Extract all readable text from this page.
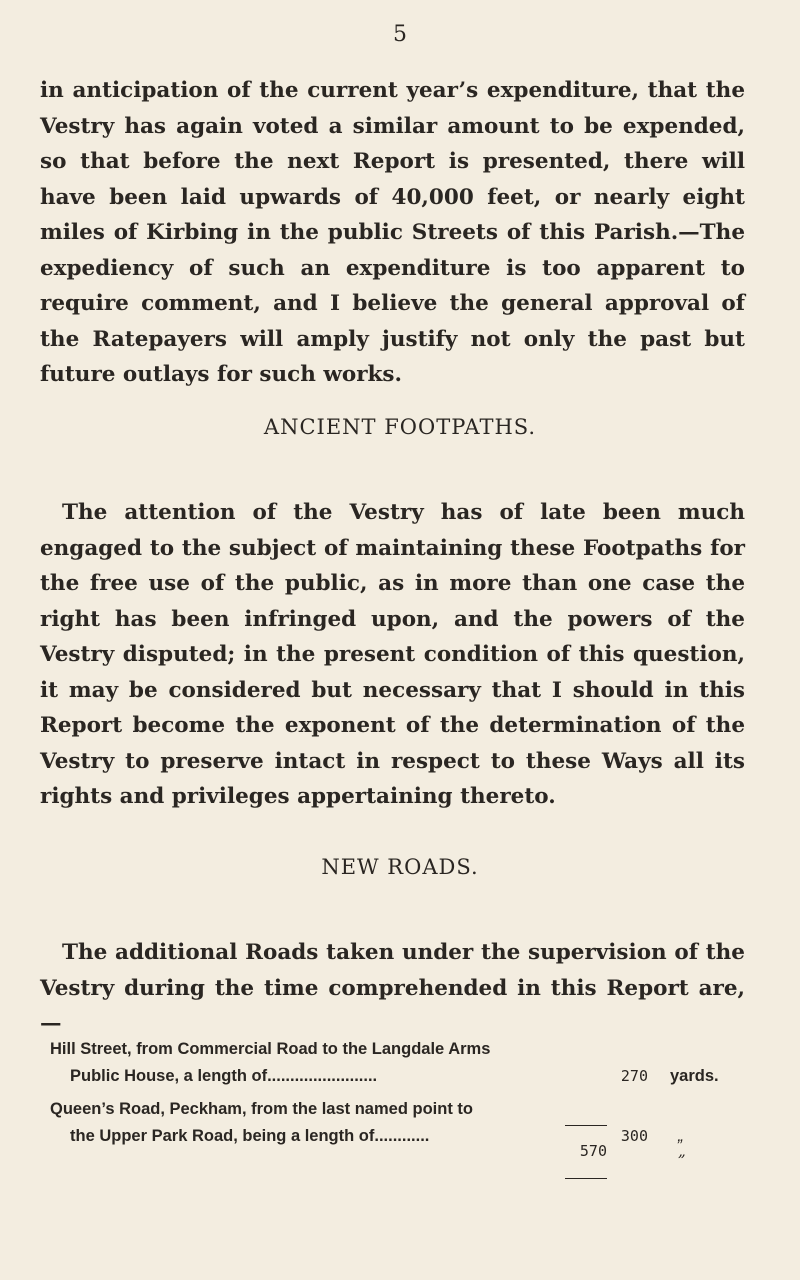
5

in anticipation of the current year’s expenditure, that the Vestry has again voted a similar amount to be expended, so that before the next Report is presented, there will have been laid upwards of 40,000 feet, or nearly eight miles of Kirbing in the public Streets of this Parish.—The expediency of such an expenditure is too apparent to require comment, and I believe the general approval of the Ratepayers will amply justify not only the past but future outlays for such works.

ANCIENT FOOTPATHS.

The attention of the Vestry has of late been much engaged to the subject of maintaining these Footpaths for the free use of the public, as in more than one case the right has been infringed upon, and the powers of the Vestry disputed; in the present condition of this question, it may be considered but necessary that I should in this Report become the exponent of the determination of the Vestry to preserve intact in respect to these Ways all its rights and privileges appertaining thereto.

NEW ROADS.

The additional Roads taken under the supervision of the Vestry during the time comprehended in this Report are,—

Hill Street, from Commercial Road to the Langdale Arms
Public House, a length of........................	270 yards.
Queen’s Road, Peckham, from the last named point to
the Upper Park Road, being a length of............	300 „
570	„
